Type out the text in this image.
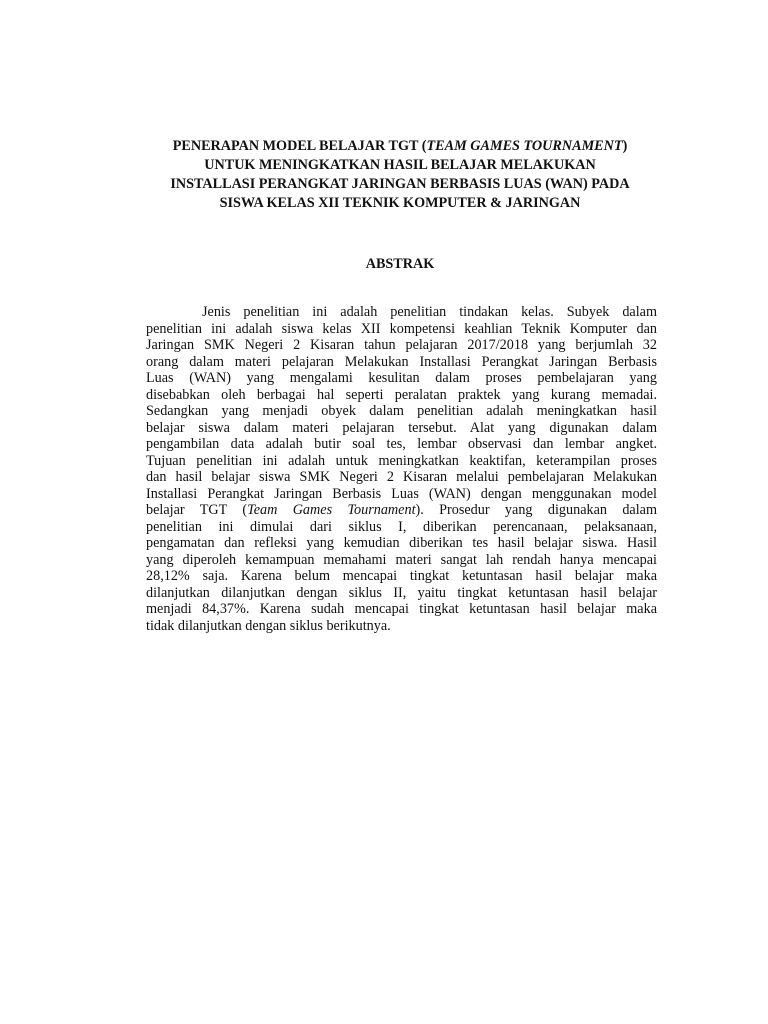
PENERAPAN MODEL BELAJAR TGT (TEAM GAMES TOURNAMENT)
UNTUK MENINGKATKAN HASIL BELAJAR MELAKUKAN
INSTALLASI PERANGKAT JARINGAN BERBASIS LUAS (WAN) PADA
SISWA KELAS XII TEKNIK KOMPUTER & JARINGAN
ABSTRAK

Jenis penelitian ini adalah penelitian tindakan kelas. Subyek dalam
penelitian ini adalah siswa kelas XII kompetensi keahlian Teknik Komputer dan
Jaringan SMK Negeri 2 Kisaran tahun pelajaran 2017/2018 yang berjumlah 32
orang dalam materi pelajaran Melakukan Installasi Perangkat Jaringan Berbasis
Luas (WAN) yang mengalami kesulitan dalam proses pembelajaran yang
disebabkan oleh berbagai hal seperti peralatan praktek yang kurang memadai.
Sedangkan yang menjadi obyek dalam penelitian adalah meningkatkan hasil
belajar siswa dalam materi pelajaran tersebut. Alat yang digunakan dalam
pengambilan data adalah butir soal tes, lembar observasi dan lembar angket.
Tujuan penelitian ini adalah untuk meningkatkan keaktifan, keterampilan proses
dan hasil belajar siswa SMK Negeri 2 Kisaran melalui pembelajaran Melakukan
Installasi Perangkat Jaringan Berbasis Luas (WAN) dengan menggunakan model
belajar TGT (Team Games Tournament). Prosedur yang digunakan dalam
penelitian ini dimulai dari siklus I, diberikan perencanaan, pelaksanaan,
pengamatan dan refleksi yang kemudian diberikan tes hasil belajar siswa. Hasil
yang diperoleh kemampuan memahami materi sangat lah rendah hanya mencapai
28,12% saja. Karena belum mencapai tingkat ketuntasan hasil belajar maka
dilanjutkan dilanjutkan dengan siklus II, yaitu tingkat ketuntasan hasil belajar
menjadi 84,37%. Karena sudah mencapai tingkat ketuntasan hasil belajar maka
tidak dilanjutkan dengan siklus berikutnya.
